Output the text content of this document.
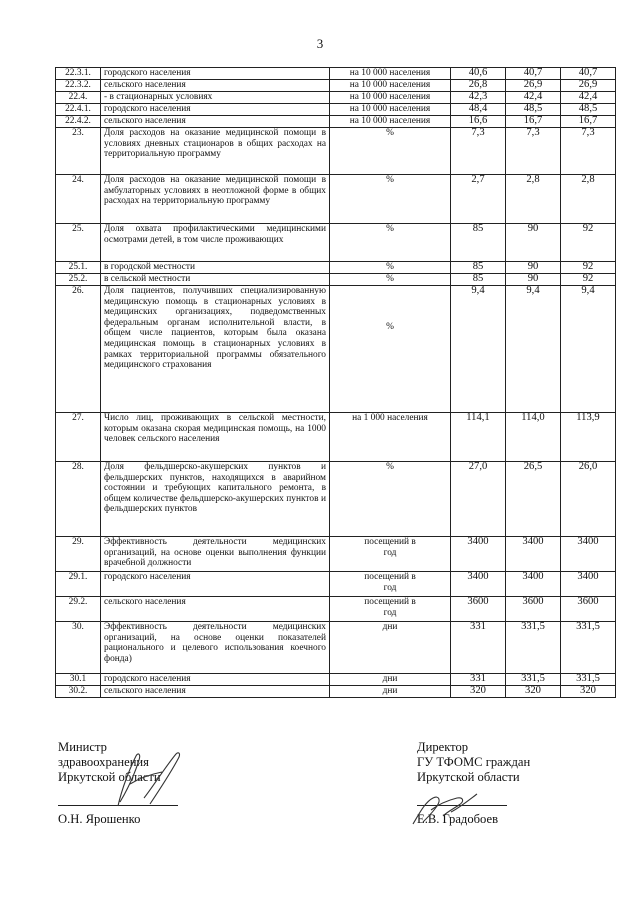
3
22.3.1.	городского населения	на 10 000 населения	40,6	40,7	40,7
22.3.2.	сельского населения	на 10 000 населения	26,8	26,9	26,9
22.4.	- в стационарных условиях	на 10 000 населения	42,3	42,4	42,4
22.4.1.	городского населения	на 10 000 населения	48,4	48,5	48,5
22.4.2.	сельского населения	на 10 000 населения	16,6	16,7	16,7
23.	Доля расходов на оказание медицинской помощи в условиях дневных стационаров в общих расходах на территориальную программу	%	7,3	7,3	7,3
24.	Доля расходов на оказание медицинской помощи в амбулаторных условиях в неотложной форме в общих расходах на территориальную программу	%	2,7	2,8	2,8
25.	Доля охвата профилактическими медицинскими осмотрами детей, в том числе проживающих	%	85	90	92
25.1.	в городской местности	%	85	90	92
25.2.	в сельской местности	%	85	90	92
26.	Доля пациентов, получивших специализированную медицинскую помощь в стационарных условиях в медицинских организациях, подведомственных федеральным органам исполнительной власти, в общем числе пациентов, которым была оказана медицинская помощь в стационарных условиях в рамках территориальной программы обязательного медицинского страхования	%	9,4	9,4	9,4
27.	Число лиц, проживающих в сельской местности, которым оказана скорая медицинская помощь, на 1000 человек сельского населения	на 1 000 населения	114,1	114,0	113,9
28.	Доля фельдшерско-акушерских пунктов и фельдшерских пунктов, находящихся в аварийном состоянии и требующих капитального ремонта, в общем количестве фельдшерско-акушерских пунктов и фельдшерских пунктов	%	27,0	26,5	26,0
29.	Эффективность деятельности медицинских организаций, на основе оценки выполнения функции врачебной должности	посещений в год	3400	3400	3400
29.1.	городского населения	посещений в год	3400	3400	3400
29.2.	сельского населения	посещений в год	3600	3600	3600
30.	Эффективность деятельности медицинских организаций, на основе оценки показателей рационального и целевого использования коечного фонда)	дни	331	331,5	331,5
30.1	городского населения	дни	331	331,5	331,5
30.2.	сельского населения	дни	320	320	320
Министр
здравоохранения
Иркутской области
О.Н. Ярошенко
Директор
ГУ ТФОМС граждан
Иркутской области
Е.В. Градобоев
